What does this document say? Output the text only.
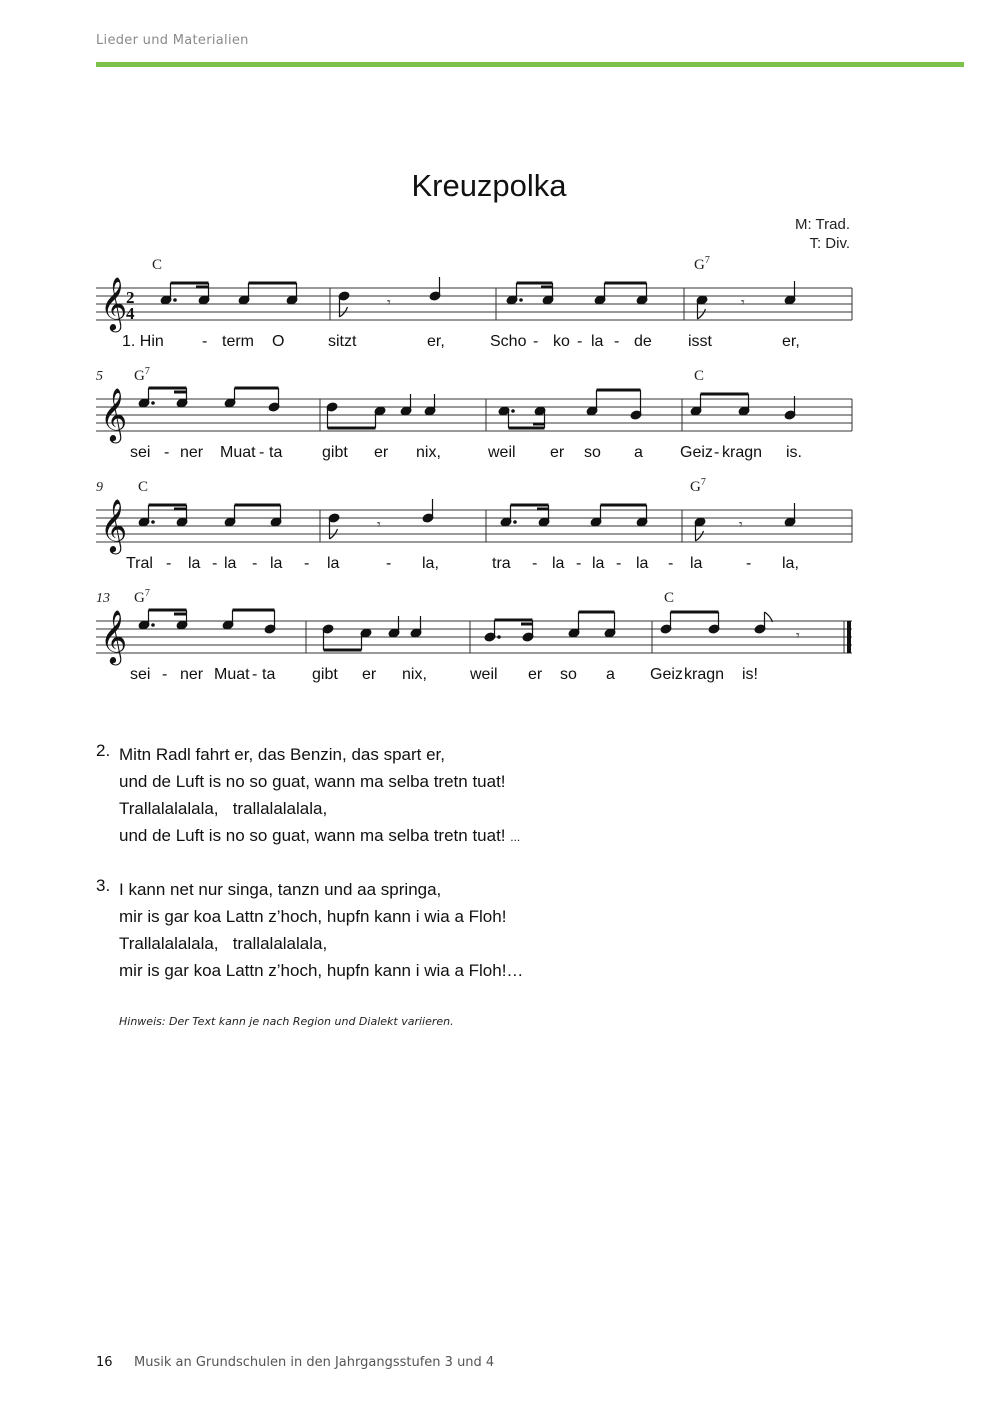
Lieder und Materialien
Kreuzpolka
M: Trad.
T: Div.
C	$G^7$
𝄞
2
4
𝄾	𝄾
1. Hin - term O	sitzt	er,	Scho - ko - la - de isst	er,
5 $G^7$	C
𝄞
sei - ner Muat - ta gibt er nix,	weil er so a Geiz - kragn is.
9 C	$G^7$
𝄞	𝄾	𝄾
Tral - la - la - la - la	- la,	tra - la - la - la - la	- la,
13 $G^7$	C
𝄞	𝄾
sei - ner Muat - ta gibt er nix,	weil er so a Geiz kragn is!
2. Mitn Radl fahrt er, das Benzin, das spart er,
und de Luft is no so guat, wann ma selba tretn tuat!
Trallalalalala,   trallalalalala,
und de Luft is no so guat, wann ma selba tretn tuat! ...
3. I kann net nur singa, tanzn und aa springa,
mir is gar koa Lattn z’hoch, hupfn kann i wia a Floh!
Trallalalalala,   trallalalalala,
mir is gar koa Lattn z’hoch, hupfn kann i wia a Floh!…
Hinweis: Der Text kann je nach Region und Dialekt variieren.
16 Musik an Grundschulen in den Jahrgangsstufen 3 und 4
